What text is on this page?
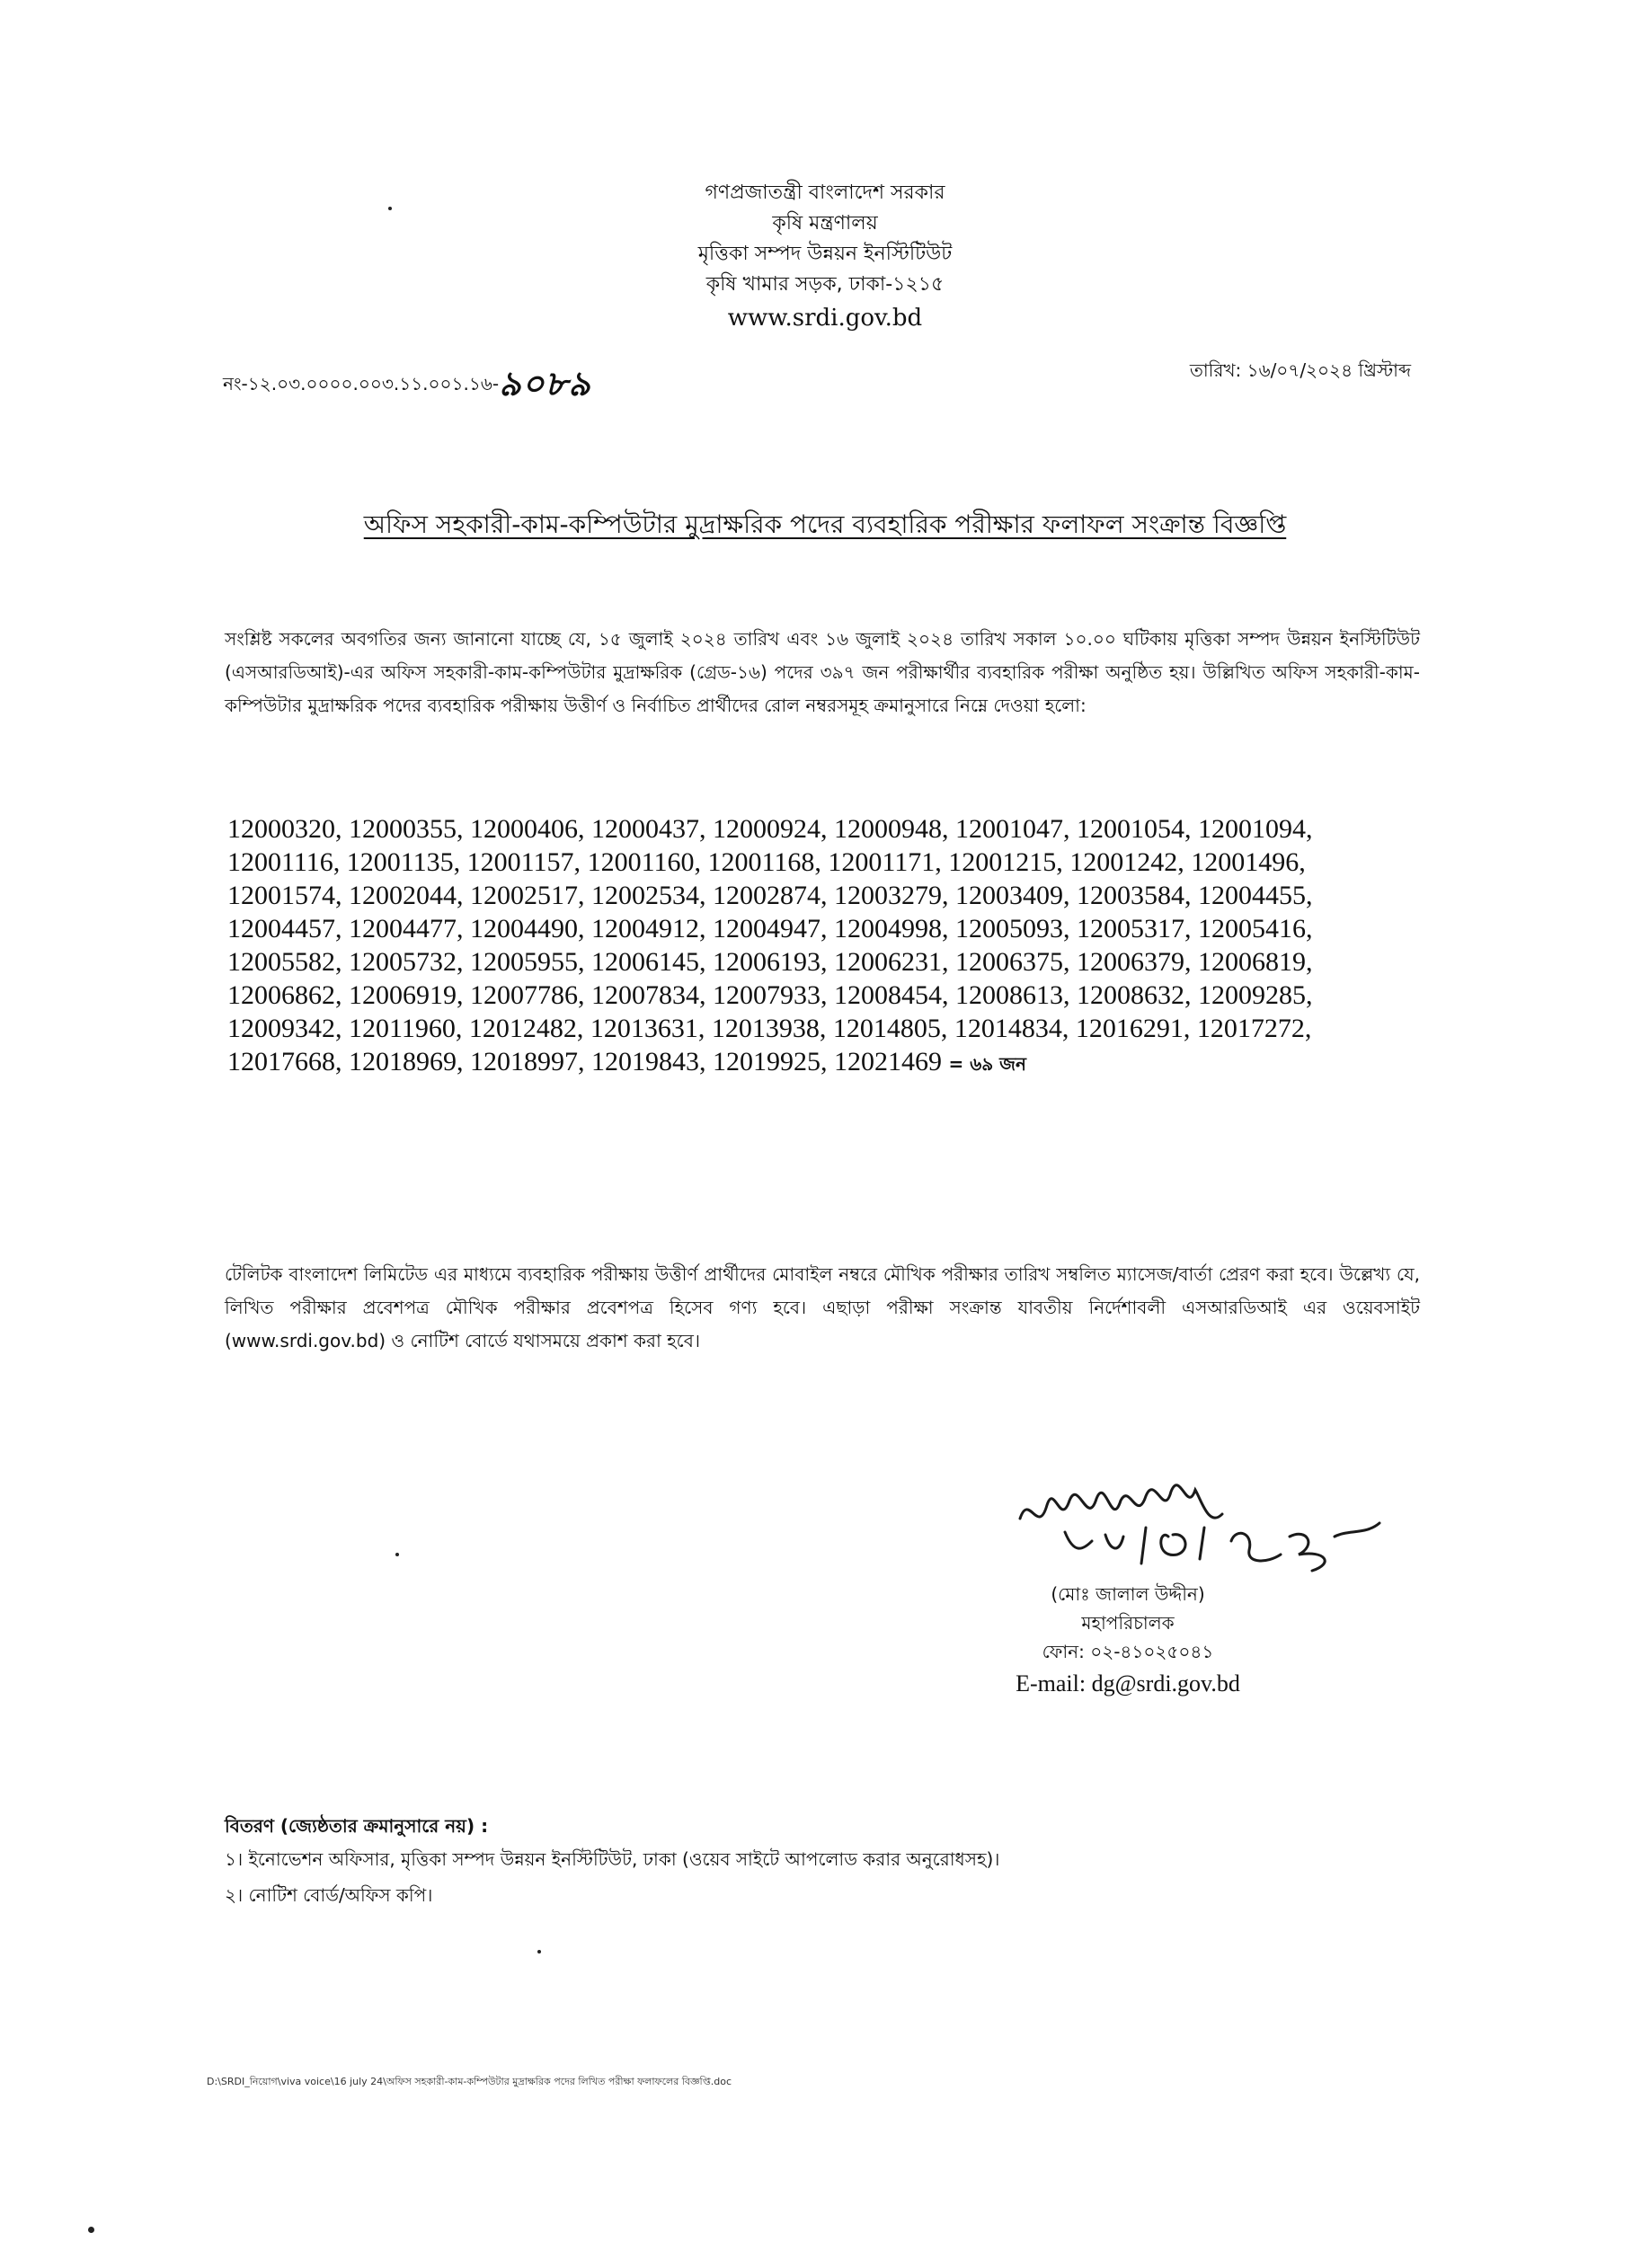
গণপ্রজাতন্ত্রী বাংলাদেশ সরকার
কৃষি মন্ত্রণালয়
মৃত্তিকা সম্পদ উন্নয়ন ইনস্টিটিউট
কৃষি খামার সড়ক, ঢাকা-১২১৫
www.srdi.gov.bd
নং-১২.০৩.০০০০.০০৩.১১.০০১.১৬-৯০৮৯	তারিখ: ১৬/০৭/২০২৪ খ্রিস্টাব্দ
অফিস সহকারী-কাম-কম্পিউটার মুদ্রাক্ষরিক পদের ব্যবহারিক পরীক্ষার ফলাফল সংক্রান্ত বিজ্ঞপ্তি
সংশ্লিষ্ট সকলের অবগতির জন্য জানানো যাচ্ছে যে, ১৫ জুলাই ২০২৪ তারিখ এবং ১৬ জুলাই ২০২৪ তারিখ সকাল ১০.০০ ঘটিকায় মৃত্তিকা সম্পদ উন্নয়ন ইনস্টিটিউট (এসআরডিআই)-এর অফিস সহকারী-কাম-কম্পিউটার মুদ্রাক্ষরিক (গ্রেড-১৬) পদের ৩৯৭ জন পরীক্ষার্থীর ব্যবহারিক পরীক্ষা অনুষ্ঠিত হয়। উল্লিখিত অফিস সহকারী-কাম-কম্পিউটার মুদ্রাক্ষরিক পদের ব্যবহারিক পরীক্ষায় উত্তীর্ণ ও নির্বাচিত প্রার্থীদের রোল নম্বরসমূহ ক্রমানুসারে নিম্নে দেওয়া হলো:
12000320, 12000355, 12000406, 12000437, 12000924, 12000948, 12001047, 12001054, 12001094, 12001116, 12001135, 12001157, 12001160, 12001168, 12001171, 12001215, 12001242, 12001496, 12001574, 12002044, 12002517, 12002534, 12002874, 12003279, 12003409, 12003584, 12004455, 12004457, 12004477, 12004490, 12004912, 12004947, 12004998, 12005093, 12005317, 12005416, 12005582, 12005732, 12005955, 12006145, 12006193, 12006231, 12006375, 12006379, 12006819, 12006862, 12006919, 12007786, 12007834, 12007933, 12008454, 12008613, 12008632, 12009285, 12009342, 12011960, 12012482, 12013631, 12013938, 12014805, 12014834, 12016291, 12017272, 12017668, 12018969, 12018997, 12019843, 12019925, 12021469 = ৬৯ জন
টেলিটক বাংলাদেশ লিমিটেড এর মাধ্যমে ব্যবহারিক পরীক্ষায় উত্তীর্ণ প্রার্থীদের মোবাইল নম্বরে মৌখিক পরীক্ষার তারিখ সম্বলিত ম্যাসেজ/বার্তা প্রেরণ করা হবে। উল্লেখ্য যে, লিখিত পরীক্ষার প্রবেশপত্র মৌখিক পরীক্ষার প্রবেশপত্র হিসেব গণ্য হবে। এছাড়া পরীক্ষা সংক্রান্ত যাবতীয় নির্দেশাবলী এসআরডিআই এর ওয়েবসাইট (www.srdi.gov.bd) ও নোটিশ বোর্ডে যথাসময়ে প্রকাশ করা হবে।
(মোঃ জালাল উদ্দীন)
মহাপরিচালক
ফোন: ০২-৪১০২৫০৪১
E-mail: dg@srdi.gov.bd
বিতরণ (জ্যেষ্ঠতার ক্রমানুসারে নয়) :
১। ইনোভেশন অফিসার, মৃত্তিকা সম্পদ উন্নয়ন ইনস্টিটিউট, ঢাকা (ওয়েব সাইটে আপলোড করার অনুরোধসহ)।
২। নোটিশ বোর্ড/অফিস কপি।
D:\SRDI_নিয়োগ\viva voice\16 july 24\অফিস সহকারী-কাম-কম্পিউটার মুদ্রাক্ষরিক পদের লিখিত পরীক্ষা ফলাফলের বিজ্ঞপ্তি.doc
